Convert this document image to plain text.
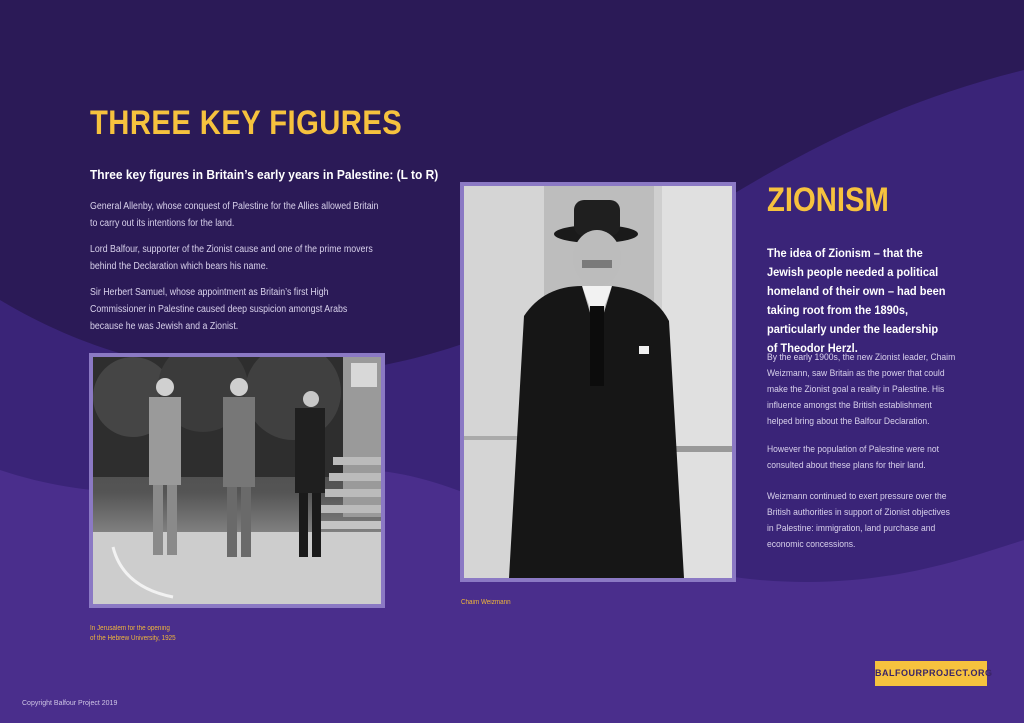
THREE KEY FIGURES
Three key figures in Britain’s early years in Palestine: (L to R)

General Allenby, whose conquest of Palestine for the Allies allowed Britain to carry out its intentions for the land.

Lord Balfour, supporter of the Zionist cause and one of the prime movers behind the Declaration which bears his name.

Sir Herbert Samuel, whose appointment as Britain’s first High Commissioner in Palestine caused deep suspicion amongst Arabs because he was Jewish and a Zionist.

In Jerusalem for the opening
of the Hebrew University, 1925

Chaim Weizmann

ZIONISM

The idea of Zionism – that the Jewish people needed a political homeland of their own – had been taking root from the 1890s, particularly under the leadership of Theodor Herzl.

By the early 1900s, the new Zionist leader, Chaim Weizmann, saw Britain as the power that could make the Zionist goal a reality in Palestine. His influence amongst the British establishment helped bring about the Balfour Declaration.

However the population of Palestine were not consulted about these plans for their land.

Weizmann continued to exert pressure over the British authorities in support of Zionist objectives in Palestine: immigration, land purchase and economic concessions.

BALFOURPROJECT.ORG

Copyright Balfour Project 2019
